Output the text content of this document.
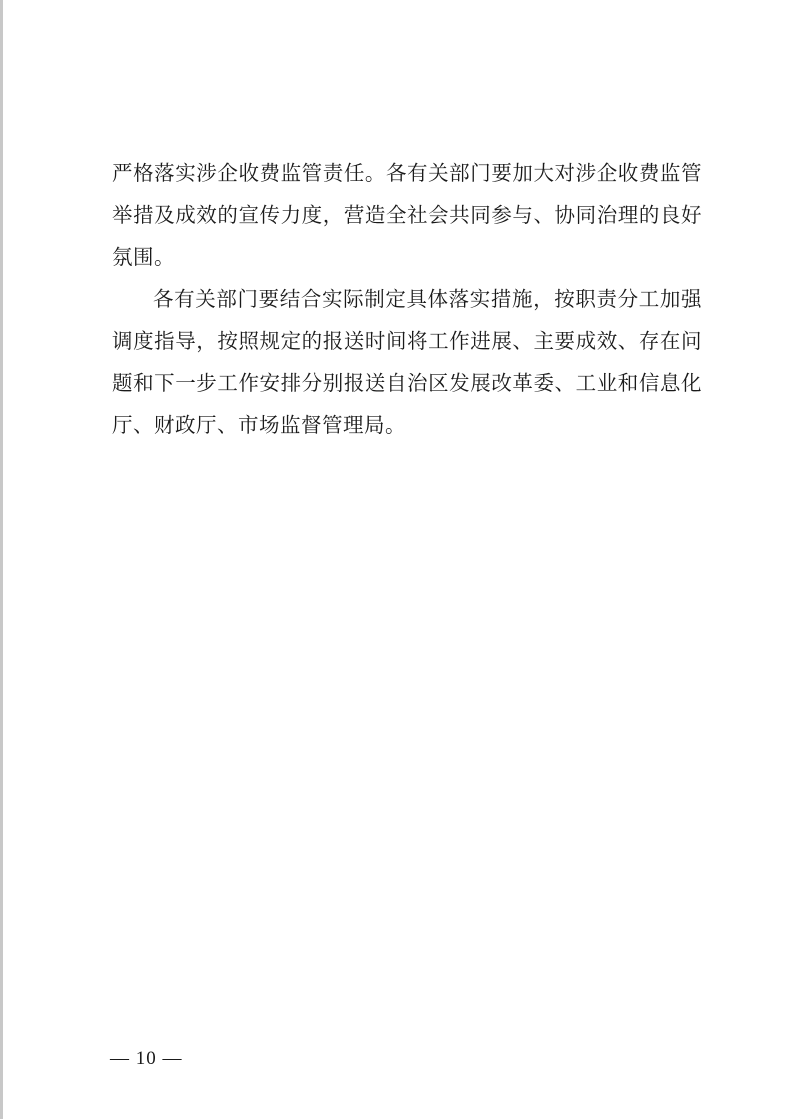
严格落实涉企收费监管责任。各有关部门要加大对涉企收费监管
举措及成效的宣传力度，营造全社会共同参与、协同治理的良好
氛围。
各有关部门要结合实际制定具体落实措施，按职责分工加强
调度指导，按照规定的报送时间将工作进展、主要成效、存在问
题和下一步工作安排分别报送自治区发展改革委、工业和信息化
厅、财政厅、市场监督管理局。
— 10 —
